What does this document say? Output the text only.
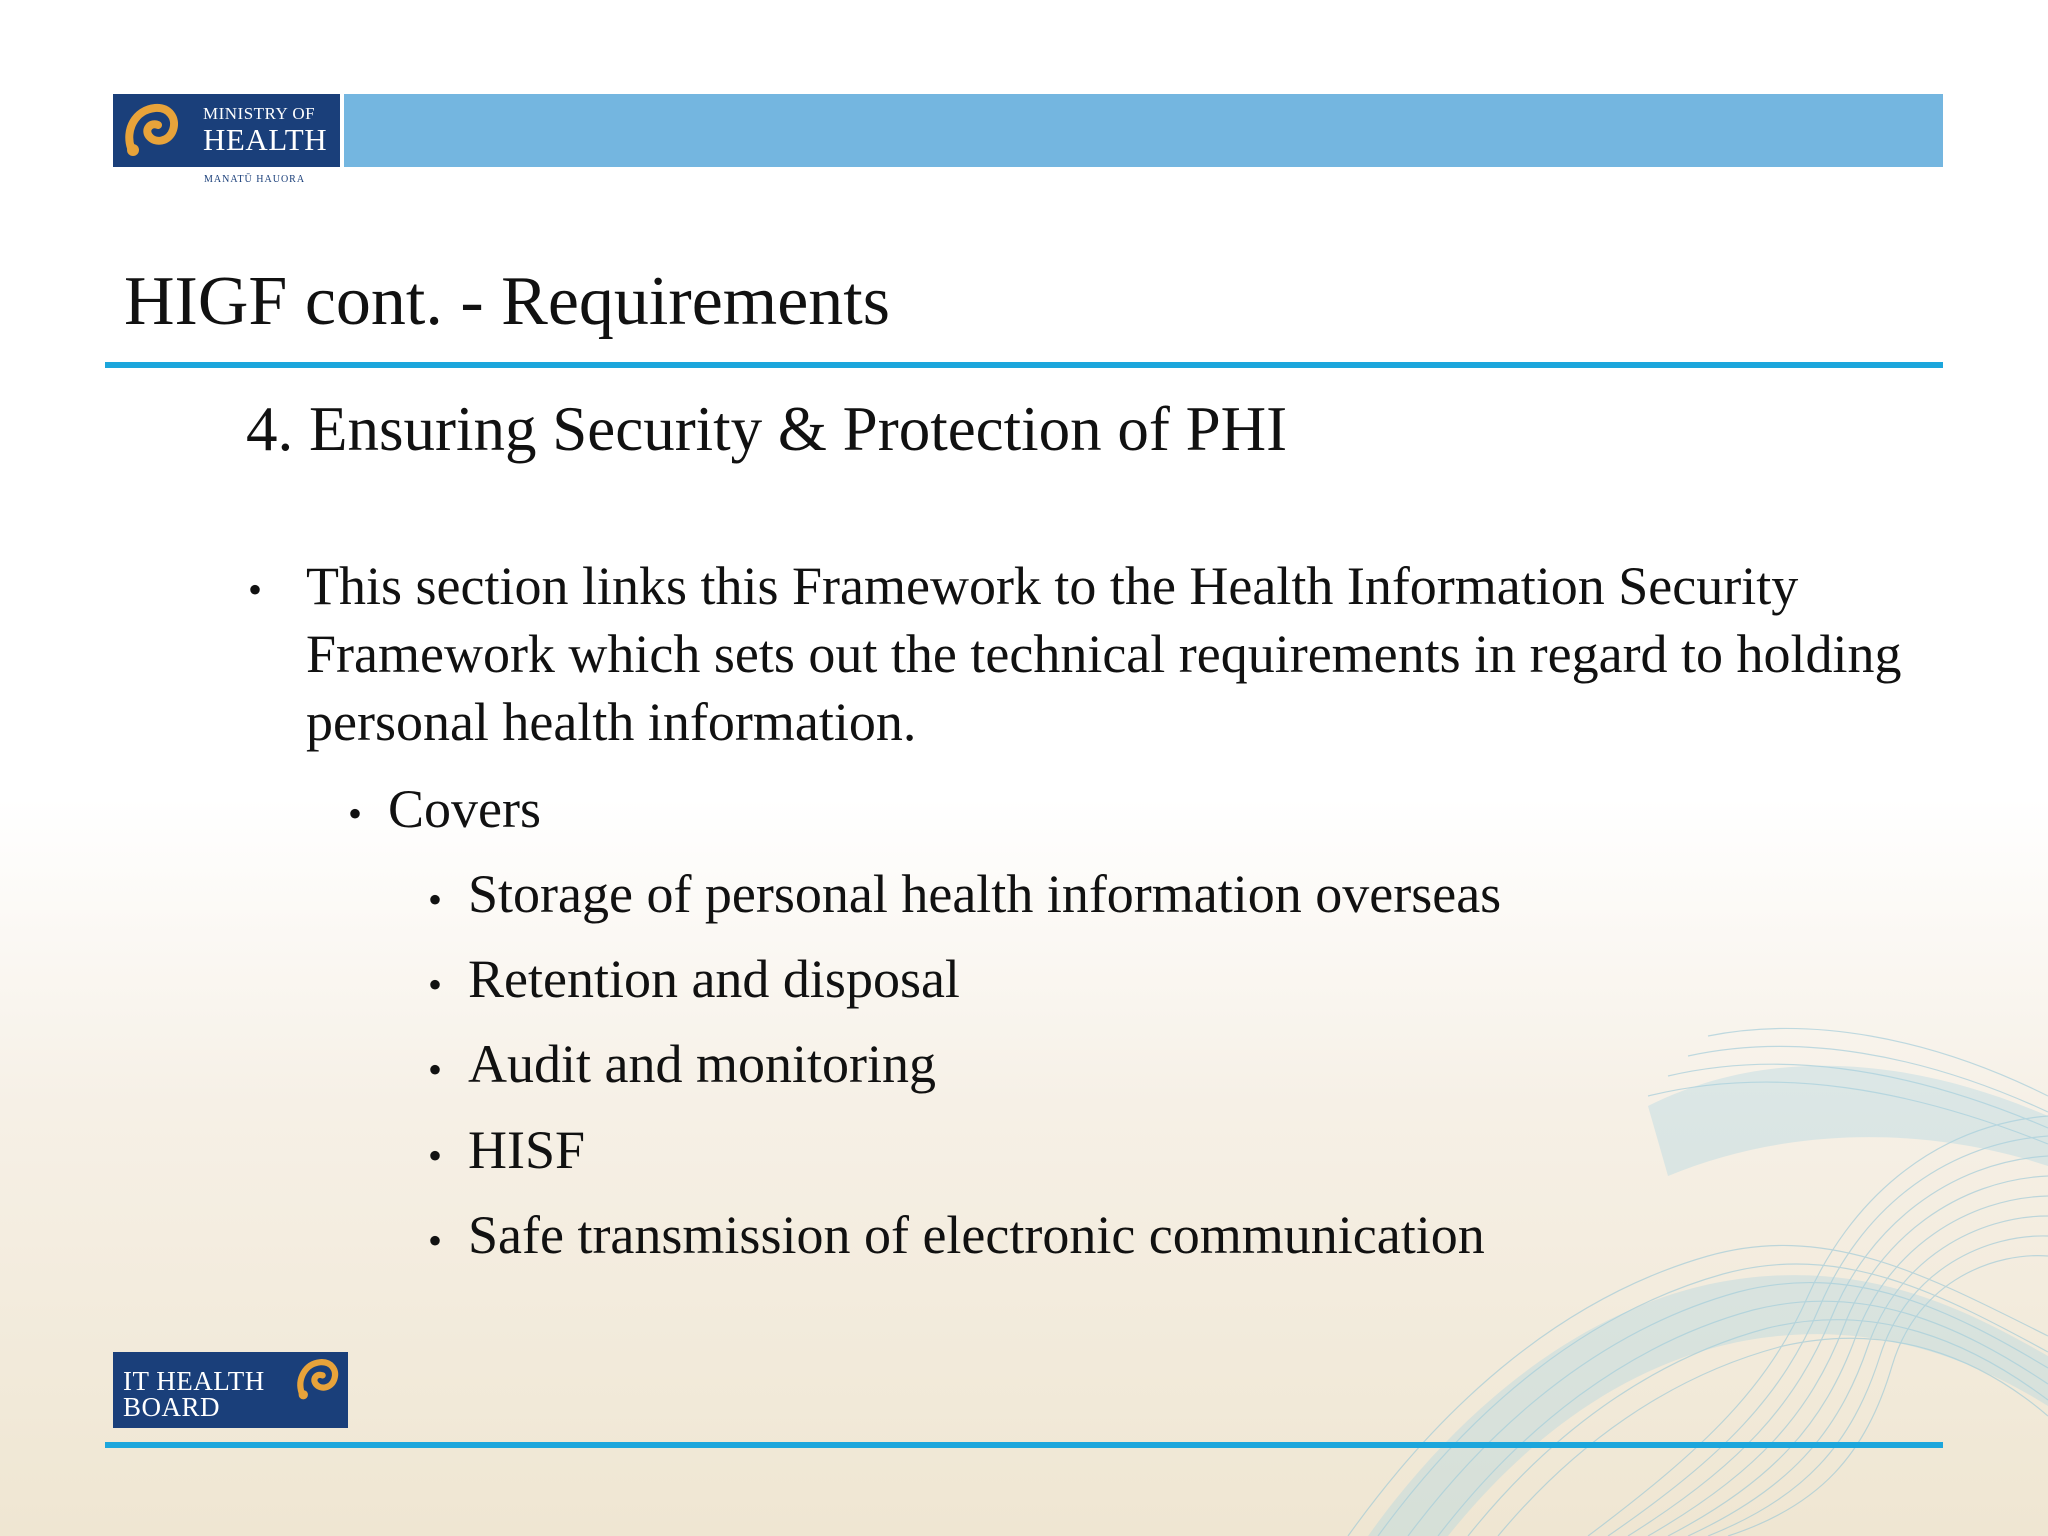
MINISTRY OF
HEALTH
MANATŪ HAUORA
HIGF cont. - Requirements
4. Ensuring Security & Protection of PHI
• This section links this Framework to the Health Information Security Framework which sets out the technical requirements in regard to holding personal health information.

• Covers
• Storage of personal health information overseas
• Retention and disposal
• Audit and monitoring
• HISF
• Safe transmission of electronic communication
IT HEALTH
BOARD
